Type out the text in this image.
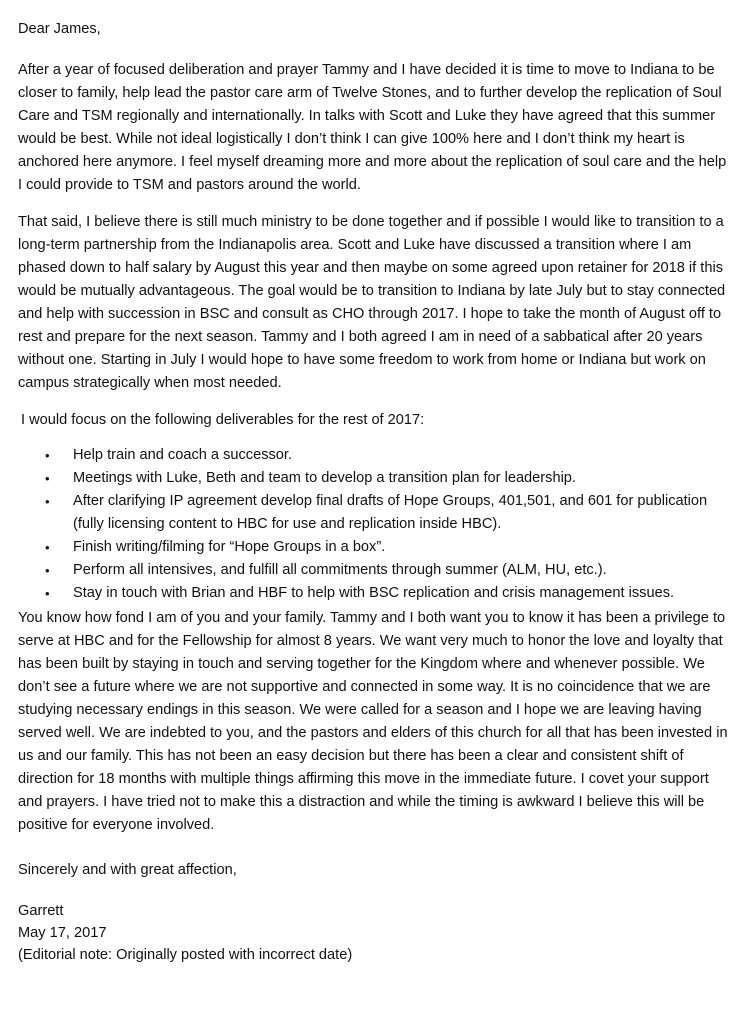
Dear James,

After a year of focused deliberation and prayer Tammy and I have decided it is time to move to Indiana to be closer to family, help lead the pastor care arm of Twelve Stones, and to further develop the replication of Soul Care and TSM regionally and internationally. In talks with Scott and Luke they have agreed that this summer would be best. While not ideal logistically I don’t think I can give 100% here and I don’t think my heart is anchored here anymore. I feel myself dreaming more and more about the replication of soul care and the help I could provide to TSM and pastors around the world.

That said, I believe there is still much ministry to be done together and if possible I would like to transition to a long-term partnership from the Indianapolis area. Scott and Luke have discussed a transition where I am phased down to half salary by August this year and then maybe on some agreed upon retainer for 2018 if this would be mutually advantageous. The goal would be to transition to Indiana by late July but to stay connected and help with succession in BSC and consult as CHO through 2017. I hope to take the month of August off to rest and prepare for the next season. Tammy and I both agreed I am in need of a sabbatical after 20 years without one. Starting in July I would hope to have some freedom to work from home or Indiana but work on campus strategically when most needed.

I would focus on the following deliverables for the rest of 2017:

• Help train and coach a successor.
• Meetings with Luke, Beth and team to develop a transition plan for leadership.
• After clarifying IP agreement develop final drafts of Hope Groups, 401,501, and 601 for publication (fully licensing content to HBC for use and replication inside HBC).
• Finish writing/filming for “Hope Groups in a box”.
• Perform all intensives, and fulfill all commitments through summer (ALM, HU, etc.).
• Stay in touch with Brian and HBF to help with BSC replication and crisis management issues.

You know how fond I am of you and your family. Tammy and I both want you to know it has been a privilege to serve at HBC and for the Fellowship for almost 8 years. We want very much to honor the love and loyalty that has been built by staying in touch and serving together for the Kingdom where and whenever possible. We don’t see a future where we are not supportive and connected in some way. It is no coincidence that we are studying necessary endings in this season. We were called for a season and I hope we are leaving having served well. We are indebted to you, and the pastors and elders of this church for all that has been invested in us and our family. This has not been an easy decision but there has been a clear and consistent shift of direction for 18 months with multiple things affirming this move in the immediate future. I covet your support and prayers. I have tried not to make this a distraction and while the timing is awkward I believe this will be positive for everyone involved.

Sincerely and with great affection,

Garrett
May 17, 2017
(Editorial note: Originally posted with incorrect date)
